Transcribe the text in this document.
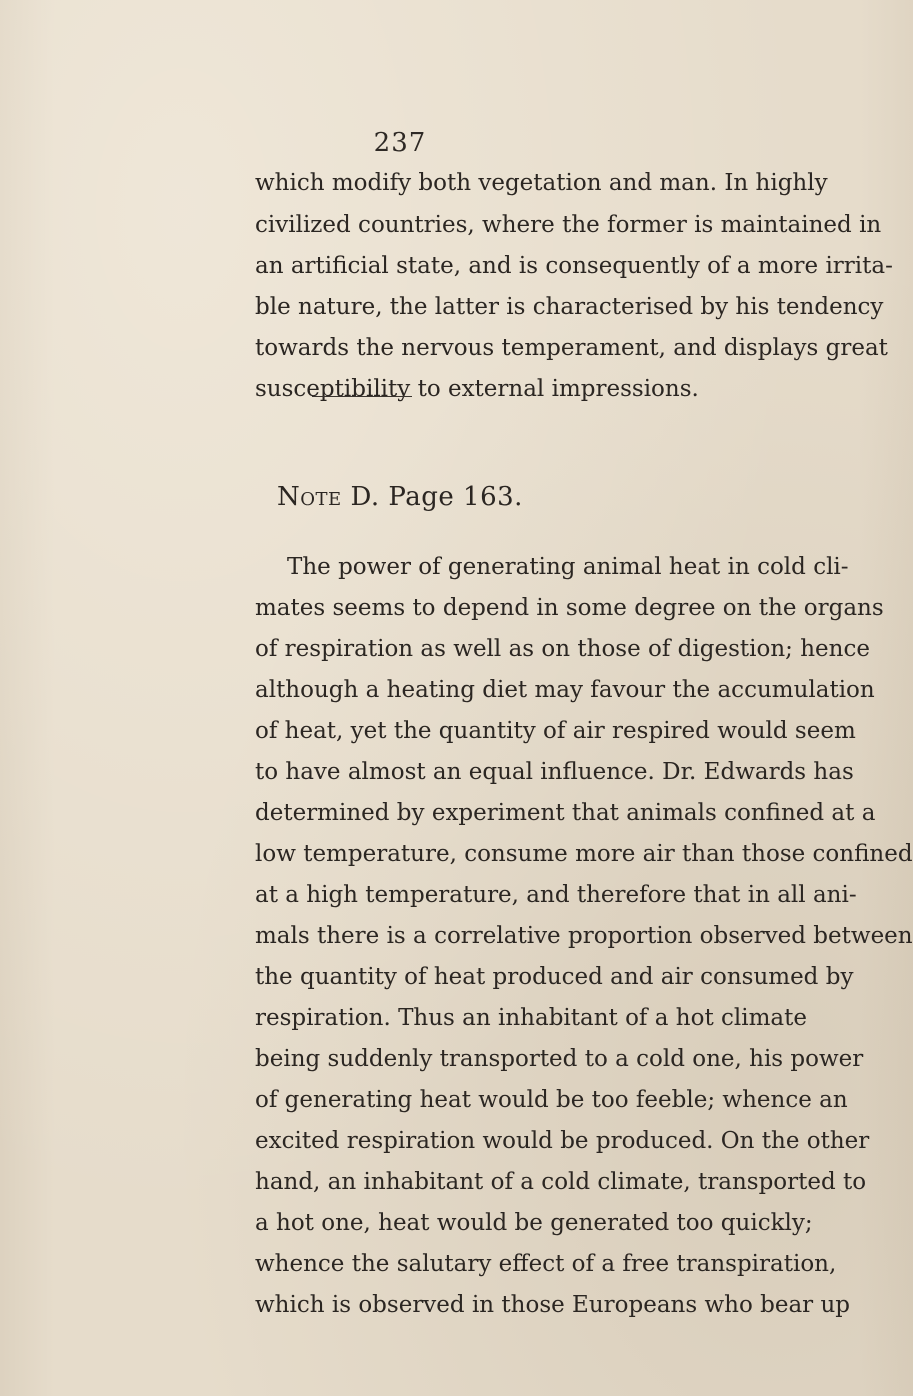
237
which modify both vegetation and man. In highly
civilized countries, where the former is maintained in
an artificial state, and is consequently of a more irrita-
ble nature, the latter is characterised by his tendency
towards the nervous temperament, and displays great
susceptibility to external impressions.
Note D. Page 163.
The power of generating animal heat in cold cli-
mates seems to depend in some degree on the organs
of respiration as well as on those of digestion; hence
although a heating diet may favour the accumulation
of heat, yet the quantity of air respired would seem
to have almost an equal influence. Dr. Edwards has
determined by experiment that animals confined at a
low temperature, consume more air than those confined
at a high temperature, and therefore that in all ani-
mals there is a correlative proportion observed between
the quantity of heat produced and air consumed by
respiration. Thus an inhabitant of a hot climate
being suddenly transported to a cold one, his power
of generating heat would be too feeble; whence an
excited respiration would be produced. On the other
hand, an inhabitant of a cold climate, transported to
a hot one, heat would be generated too quickly;
whence the salutary effect of a free transpiration,
which is observed in those Europeans who bear up
